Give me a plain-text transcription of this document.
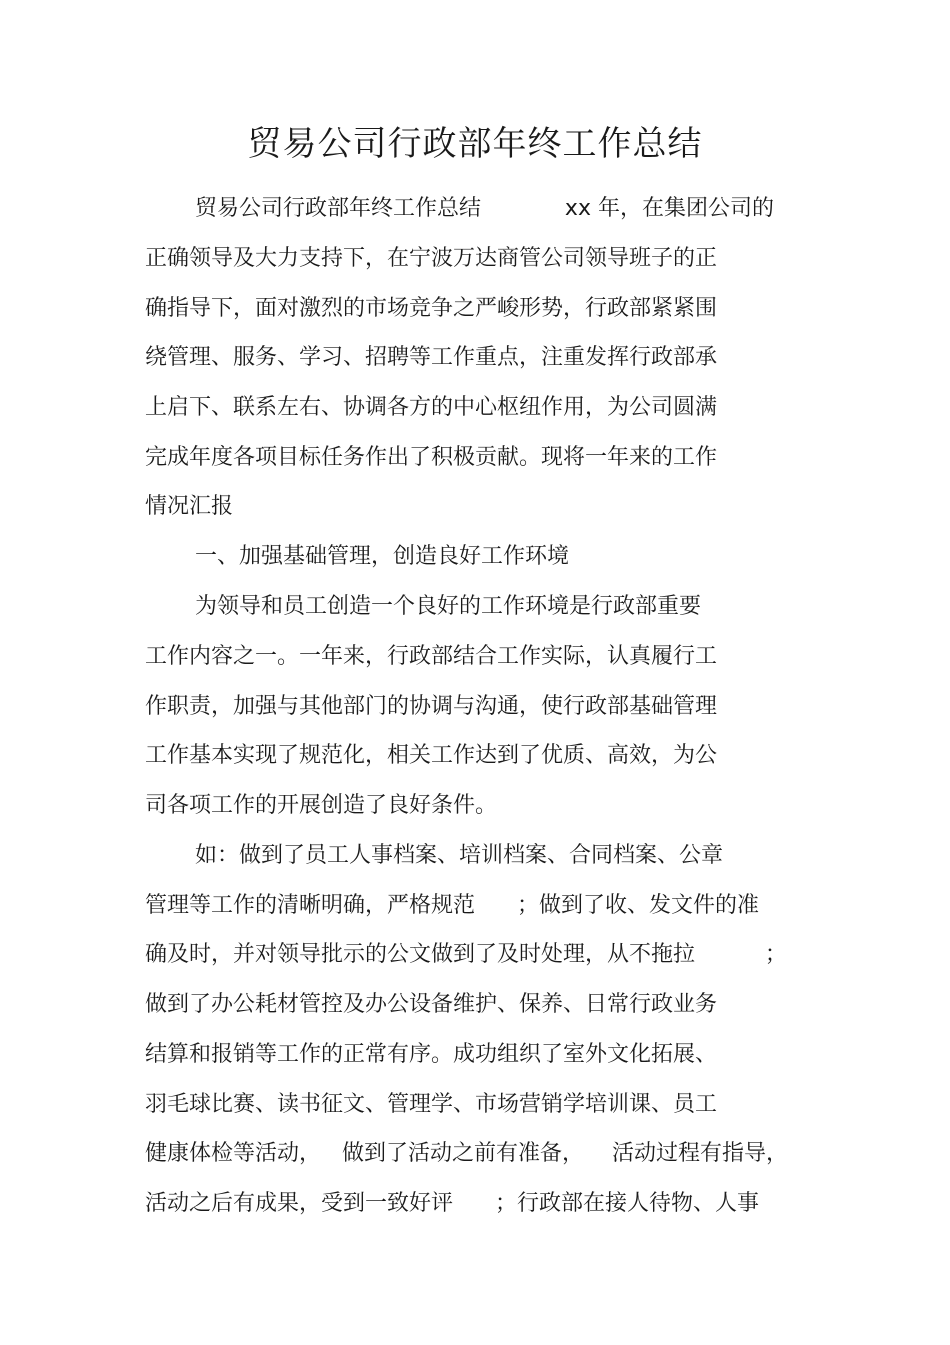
贸易公司行政部年终工作总结
贸易公司行政部年终工作总结            xx 年，在集团公司的
正确领导及大力支持下，在宁波万达商管公司领导班子的正
确指导下，面对激烈的市场竞争之严峻形势，行政部紧紧围
绕管理、服务、学习、招聘等工作重点，注重发挥行政部承
上启下、联系左右、协调各方的中心枢纽作用，为公司圆满
完成年度各项目标任务作出了积极贡献。现将一年来的工作
情况汇报
一、加强基础管理，创造良好工作环境
为领导和员工创造一个良好的工作环境是行政部重要
工作内容之一。一年来，行政部结合工作实际，认真履行工
作职责，加强与其他部门的协调与沟通，使行政部基础管理
工作基本实现了规范化，相关工作达到了优质、高效，为公
司各项工作的开展创造了良好条件。
如：做到了员工人事档案、培训档案、合同档案、公章
管理等工作的清晰明确，严格规范      ；做到了收、发文件的准
确及时，并对领导批示的公文做到了及时处理，从不拖拉          ；
做到了办公耗材管控及办公设备维护、保养、日常行政业务
结算和报销等工作的正常有序。成功组织了室外文化拓展、
羽毛球比赛、读书征文、管理学、市场营销学培训课、员工
健康体检等活动，   做到了活动之前有准备，    活动过程有指导，
活动之后有成果，受到一致好评      ；行政部在接人待物、人事
